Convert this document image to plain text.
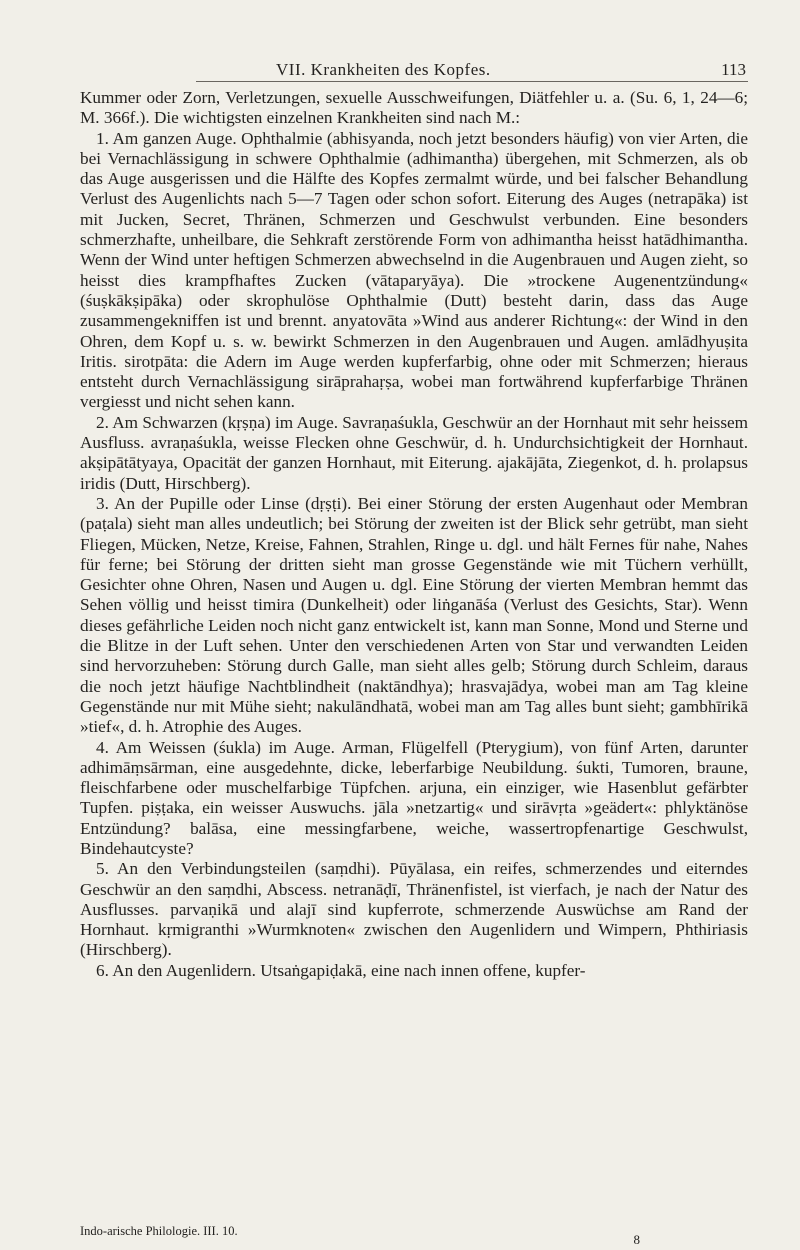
VII. Krankheiten des Kopfes.	113

Kummer oder Zorn, Verletzungen, sexuelle Ausschweifungen, Diätfehler u. a. (Su. 6, 1, 24—6; M. 366f.). Die wichtigsten einzelnen Krankheiten sind nach M.:

1. Am ganzen Auge. Ophthalmie (abhisyanda, noch jetzt besonders häufig) von vier Arten, die bei Vernachlässigung in schwere Ophthalmie (adhimantha) übergehen, mit Schmerzen, als ob das Auge ausgerissen und die Hälfte des Kopfes zermalmt würde, und bei falscher Behandlung Verlust des Augenlichts nach 5—7 Tagen oder schon sofort. Eiterung des Auges (netrapāka) ist mit Jucken, Secret, Thränen, Schmerzen und Geschwulst verbunden. Eine besonders schmerzhafte, unheilbare, die Sehkraft zerstörende Form von adhimantha heisst hatādhimantha. Wenn der Wind unter heftigen Schmerzen abwechselnd in die Augenbrauen und Augen zieht, so heisst dies krampfhaftes Zucken (vātaparyāya). Die »trockene Augenentzündung« (śuṣkākṣipāka) oder skrophulöse Ophthalmie (Dutt) besteht darin, dass das Auge zusammengekniffen ist und brennt. anyatovāta »Wind aus anderer Richtung«: der Wind in den Ohren, dem Kopf u. s. w. bewirkt Schmerzen in den Augenbrauen und Augen. amlādhyuṣita Iritis. sirotpāta: die Adern im Auge werden kupferfarbig, ohne oder mit Schmerzen; hieraus entsteht durch Vernachlässigung sirāprahaṛṣa, wobei man fortwährend kupferfarbige Thränen vergiesst und nicht sehen kann.

2. Am Schwarzen (kṛṣṇa) im Auge. Savraṇaśukla, Geschwür an der Hornhaut mit sehr heissem Ausfluss. avraṇaśukla, weisse Flecken ohne Geschwür, d. h. Undurchsichtigkeit der Hornhaut. akṣipātātyaya, Opacität der ganzen Hornhaut, mit Eiterung. ajakājāta, Ziegenkot, d. h. prolapsus iridis (Dutt, Hirschberg).

3. An der Pupille oder Linse (dṛṣṭi). Bei einer Störung der ersten Augenhaut oder Membran (paṭala) sieht man alles undeutlich; bei Störung der zweiten ist der Blick sehr getrübt, man sieht Fliegen, Mücken, Netze, Kreise, Fahnen, Strahlen, Ringe u. dgl. und hält Fernes für nahe, Nahes für ferne; bei Störung der dritten sieht man grosse Gegenstände wie mit Tüchern verhüllt, Gesichter ohne Ohren, Nasen und Augen u. dgl. Eine Störung der vierten Membran hemmt das Sehen völlig und heisst timira (Dunkelheit) oder liṅganāśa (Verlust des Gesichts, Star). Wenn dieses gefährliche Leiden noch nicht ganz entwickelt ist, kann man Sonne, Mond und Sterne und die Blitze in der Luft sehen. Unter den verschiedenen Arten von Star und verwandten Leiden sind hervorzuheben: Störung durch Galle, man sieht alles gelb; Störung durch Schleim, daraus die noch jetzt häufige Nachtblindheit (naktāndhya); hrasvajādya, wobei man am Tag kleine Gegenstände nur mit Mühe sieht; nakulāndhatā, wobei man am Tag alles bunt sieht; gambhīrikā »tief«, d. h. Atrophie des Auges.

4. Am Weissen (śukla) im Auge. Arman, Flügelfell (Pterygium), von fünf Arten, darunter adhimāṃsārman, eine ausgedehnte, dicke, leberfarbige Neubildung. śukti, Tumoren, braune, fleischfarbene oder muschelfarbige Tüpfchen. arjuna, ein einziger, wie Hasenblut gefärbter Tupfen. piṣṭaka, ein weisser Auswuchs. jāla »netzartig« und sirāvṛta »geädert«: phlyktänöse Entzündung? balāsa, eine messingfarbene, weiche, wassertropfenartige Geschwulst, Bindehautcyste?

5. An den Verbindungsteilen (saṃdhi). Pūyālasa, ein reifes, schmerzendes und eiterndes Geschwür an den saṃdhi, Abscess. netranāḍī, Thränenfistel, ist vierfach, je nach der Natur des Ausflusses. parvaṇikā und alajī sind kupferrote, schmerzende Auswüchse am Rand der Hornhaut. kṛmigranthi »Wurmknoten« zwischen den Augenlidern und Wimpern, Phthiriasis (Hirschberg).

6. An den Augenlidern. Utsaṅgapiḍakā, eine nach innen offene, kupfer-

Indo-arische Philologie. III. 10.
8
